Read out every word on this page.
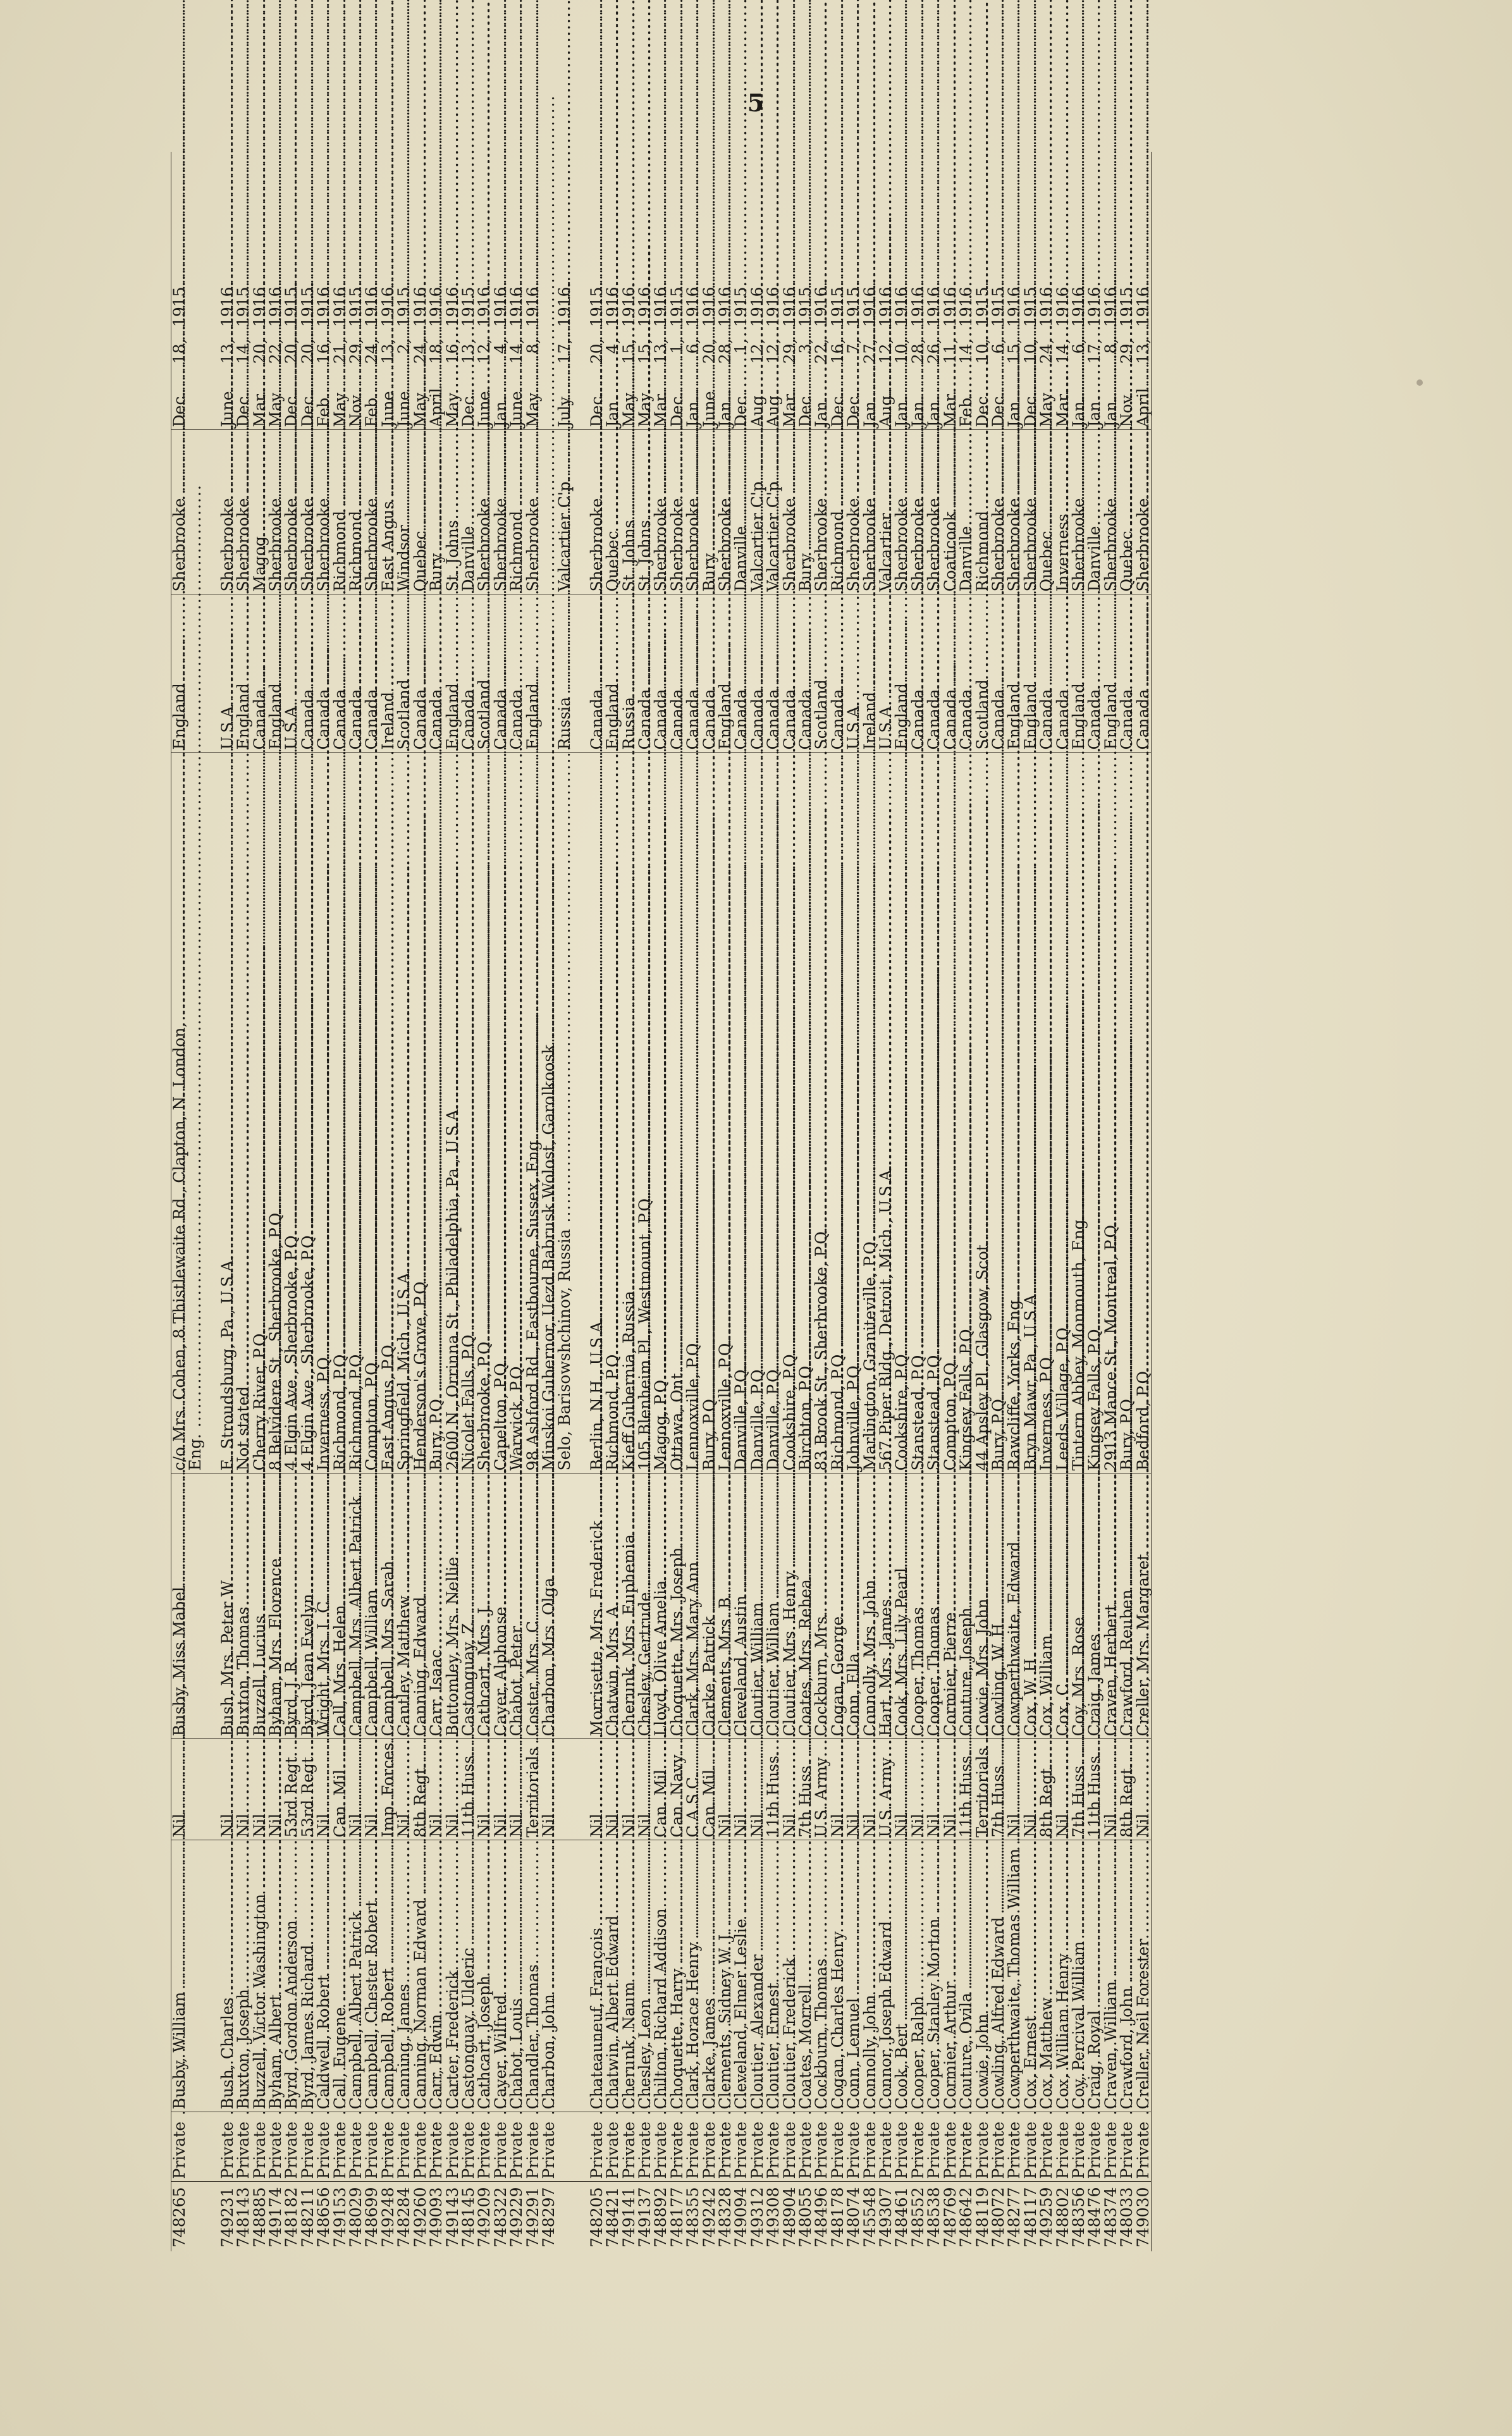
5
748265	Private .....	Busby, William .....	Nil .....	Busby, Miss Mabel .....	c/o Mrs. Cohen, 8 Thistlewaite Rd., Clapton, N. London, .....	England .....	Sherbrooke .....	Dec.
18,
1915.

					Eng. .....			

749231	Private .....	Bush, Charles .....	Nil .....	Bush, Mrs. Peter W .....	E. Stroudsburg, Pa., U.S.A. .....	U.S.A. .....	Sherbrooke .....	June
13,
1916.

748143	Private .....	Buxton, Joseph .....	Nil .....	Buxton, Thomas .....	Not stated .....	England .....	Sherbrooke .....	Dec.
14,
1915.

748885	Private .....	Buzzell, Victor Washington .....	Nil .....	Buzzell, Lucius .....	Cherry River, P.Q. .....	Canada .....	Magog .....	Mar.
20,
1916.

749174	Private .....	Byham, Albert .....	Nil .....	Byham, Mrs. Florence .....	8 Belvidere St., Sherbrooke, P.Q. .....	England .....	Sherbrooke .....	May
22,
1916.

748182	Private .....	Byrd, Gordon Anderson .....	53rd Regt. .....	Byrd, J. R. .....	4 Elgin Ave., Sherbrooke, P.Q. .....	U.S.A. .....	Sherbrooke .....	Dec.
20,
1915.

748211	Private .....	Byrd, James Richard .....	53rd Regt. .....	Byrd, Jean Evelyn .....	4 Elgin Ave., Sherbrooke, P.Q. .....	Canada .....	Sherbrooke .....	Dec.
20,
1915.

748656	Private .....	Caldwell, Robert .....	Nil .....	Wright, Mrs. I. C. .....	Inverness, P.Q. .....	Canada .....	Sherbrooke .....	Feb.
16,
1916.

749153	Private .....	Call, Eugene .....	Can. Mil. .....	Call, Mrs. Helen .....	Richmond, P.Q. .....	Canada .....	Richmond .....	May
21,
1916.

748029	Private .....	Campbell, Albert Patrick .....	Nil .....	Campbell, Mrs. Albert Patrick .....	Richmond, P.Q. .....	Canada .....	Richmond .....	Nov.
29,
1915.

748699	Private .....	Campbell, Chester Robert .....	Nil .....	Campbell, William .....	Compton, P.Q. .....	Canada .....	Sherbrooke .....	Feb.
24,
1916.

749248	Private .....	Campbell, Robert .....	Imp. Forces .....	Campbell, Mrs. Sarah .....	East Angus, P.Q. .....	Ireland .....	East Angus .....	June
13,
1916.

748284	Private .....	Canning, James .....	Nil .....	Cantley, Matthew .....	Springfield, Mich., U.S.A. .....	Scotland .....	Windsor .....	June
2,
1915.

749260	Private .....	Canning, Norman Edward .....	8th Regt. .....	Canning, Edward .....	Henderson's Grove, P.Q. .....	Canada .....	Quebec .....	May
24,
1916.

749093	Private .....	Carr, Edwin .....	Nil .....	Carr, Isaac .....	Bury, P.Q. .....	Canada .....	Bury .....	April
18,
1916.

749143	Private .....	Carter, Frederick .....	Nil .....	Bottomley, Mrs. Nellie .....	2600 N., Orrinna St., Philadelphia, Pa., U.S.A. .....	England .....	St. Johns .....	May
16,
1916.

748145	Private .....	Castonguay, Ulderic .....	11th Huss. .....	Castonguay, Z. .....	Nicolet Falls, P.Q. .....	Canada .....	Danville .....	Dec.
13,
1915.

749209	Private .....	Cathcart, Joseph .....	Nil .....	Cathcart, Mrs. J. .....	Sherbrooke, P.Q. .....	Scotland .....	Sherbrooke .....	June
12,
1916.

748322	Private .....	Cayer, Wilfred .....	Nil .....	Cayer, Alphonse .....	Capelton, P.Q. .....	Canada .....	Sherbrooke .....	Jan.
4,
1916.

749229	Private .....	Chabot, Louis .....	Nil .....	Chabot, Peter .....	Warwick, P.Q. .....	Canada .....	Richmond .....	June
14,
1916.

749291	Private .....	Chandler, Thomas .....	Territorials .....	Coster, Mrs. C. .....	98 Ashford Rd., Eastbourne, Sussex, Eng. .....	England .....	Sherbrooke .....	May
8,
1916.

748297	Private .....	Charbon, John .....	Nil .....	Charbon, Mrs. Olga .....	Minskoi Gubernor, Uezd Babrusk Wolost, Garolkoosk .....			

					Selo, Barisowshchinov, Russia .....	Russia .....	Valcartier C'p. .....	July
17,
1916.

748205	Private .....	Chateauneuf, François .....	Nil .....	Morrisette, Mrs. Frederick .....	Berlin, N.H., U.S.A. .....	Canada .....	Sherbrooke .....	Dec.
20,
1915.

748421	Private .....	Chatwin, Albert Edward .....	Nil .....	Chatwin, Mrs. A. .....	Richmond, P.Q. .....	England .....	Quebec .....	Jan.
4,
1916.

749141	Private .....	Cherunk, Naum .....	Nil .....	Cherunk, Mrs. Euphemia .....	Kieff Gubernia, Russia .....	Russia .....	St. Johns .....	May
15,
1916.

749137	Private .....	Chesley, Leon .....	Nil .....	Chesley, Gertrude .....	105 Blenheim Pl., Westmount, P.Q. .....	Canada .....	St. Johns .....	May
15,
1916.

748892	Private .....	Chilton, Richard Addison .....	Can. Mil. .....	Lloyd, Olive Amelia .....	Magog, P.Q. .....	Canada .....	Sherbrooke .....	Mar.
13,
1916.

748177	Private .....	Choquette, Harry .....	Can. Navy .....	Choquette, Mrs. Joseph .....	Ottawa, Ont. .....	Canada .....	Sherbrooke .....	Dec.
1,
1915.

748355	Private .....	Clark, Horace Henry .....	C.A.S.C. .....	Clark, Mrs. Mary Ann .....	Lennoxville, P.Q. .....	Canada .....	Sherbrooke .....	Jan.
6,
1916.

749242	Private .....	Clarke, James .....	Can. Mil. .....	Clarke, Patrick .....	Bury, P.Q. .....	Canada .....	Bury .....	June
20,
1916.

748328	Private .....	Clements, Sidney W. J. .....	Nil .....	Clements, Mrs. B. .....	Lennoxville, P.Q. .....	England .....	Sherbrooke .....	Jan.
28,
1916.

749094	Private .....	Cleveland, Elmer Leslie .....	Nil .....	Cleveland, Austin .....	Danville, P.Q. .....	Canada .....	Danville .....	Dec.
1,
1915.

749312	Private .....	Cloutier, Alexander .....	Nil .....	Cloutier, William .....	Danville, P.Q. .....	Canada .....	Valcartier C'p. .....	Aug.
12,
1916.

749308	Private .....	Cloutier, Ernest .....	11th Huss. .....	Cloutier, William .....	Danville, P.Q. .....	Canada .....	Valcartier C'p. .....	Aug.
12,
1916.

748904	Private .....	Cloutier, Frederick .....	Nil .....	Cloutier, Mrs. Henry .....	Cookshire, P.Q. .....	Canada .....	Sherbrooke .....	Mar.
29,
1916.

748055	Private .....	Coates, Morrell .....	7th Huss. .....	Coates, Mrs. Rehea .....	Birchton, P.Q. .....	Canada .....	Bury .....	Dec.
3,
1915.

748496	Private .....	Cockburn, Thomas .....	U.S. Army .....	Cockburn, Mrs. .....	83 Brook St., Sherbrooke, P.Q. .....	Scotland .....	Sherbrooke .....	Jan.
22,
1916.

748178	Private .....	Cogan, Charles Henry .....	Nil .....	Cogan, George .....	Richmond, P.Q. .....	Canada .....	Richmond .....	Dec.
16,
1915.

748074	Private .....	Conn, Lemuel .....	Nil .....	Conn, Ella .....	Johnville, P.Q. .....	U.S.A. .....	Sherbrooke .....	Dec.
7,
1915.

745548	Private .....	Connolly, John .....	Nil .....	Connolly, Mrs. John .....	Marlington, Graniteville, P.Q. .....	Ireland .....	Sherbrooke .....	Jan.
27,
1916.

749307	Private .....	Connor, Joseph Edward .....	U.S. Army .....	Hart, Mrs. James .....	567 Piper Bldg., Detroit, Mich., U.S.A. .....	U.S.A. .....	Valcartier .....	Aug.
12,
1916.

748461	Private .....	Cook, Bert .....	Nil .....	Cook, Mrs. Lily Pearl .....	Cookshire, P.Q. .....	England .....	Sherbrooke .....	Jan.
10,
1916.

748552	Private .....	Cooper, Ralph .....	Nil .....	Cooper, Thomas .....	Stanstead, P.Q. .....	Canada .....	Sherbrooke .....	Jan.
28,
1916.

748538	Private .....	Cooper, Stanley Morton .....	Nil .....	Cooper, Thomas .....	Stanstead, P.Q. .....	Canada .....	Sherbrooke .....	Jan.
26,
1916.

748769	Private .....	Cormier, Arthur .....	Nil .....	Cormier, Pierre .....	Compton, P.Q. .....	Canada .....	Coaticook .....	Mar.
11,
1916.

748642	Private .....	Couture, Ovila .....	11th Huss. .....	Couture, Joseph .....	Kingsey Falls, P.Q. .....	Canada .....	Danville .....	Feb.
14,
1916.

748119	Private .....	Cowie, John .....	Territorials .....	Cowie, Mrs. John .....	44 Apsley Pl., Glasgow, Scot. .....	Scotland .....	Richmond .....	Dec.
10,
1915.

748072	Private .....	Cowling, Alfred Edward .....	7th Huss. .....	Cowling, W. H. .....	Bury, P.Q. .....	Canada .....	Sherbrooke .....	Dec.
6,
1915.

748277	Private .....	Cowperthwaite, Thomas William .....	Nil .....	Cowperthwaite, Edward .....	Rawcliffe, Yorks, Eng. .....	England .....	Sherbrooke .....	Jan.
15,
1916.

748117	Private .....	Cox, Ernest .....	Nil .....	Cox, W. H. .....	Bryn Mawr, Pa., U.S.A. .....	England .....	Sherbrooke .....	Dec.
10,
1915.

749259	Private .....	Cox, Matthew .....	8th Regt. .....	Cox, William .....	Inverness, P.Q. .....	Canada .....	Quebec .....	May
24,
1916.

748802	Private .....	Cox, William Henry .....	Nil .....	Cox, C. .....	Leeds Village, P.Q. .....	Canada .....	Inverness .....	Mar.
14,
1916.

748356	Private .....	Coy, Percival William .....	7th Huss. .....	Coy, Mrs. Rose .....	Tintern Abbey, Monmouth, Eng. .....	England .....	Sherbrooke .....	Jan.
6,
1916.

748476	Private .....	Craig, Royal .....	11th Huss. .....	Craig, James .....	Kingsey Falls, P.Q. .....	Canada .....	Danville .....	Jan.
17,
1916.

748374	Private .....	Craven, William .....	Nil .....	Craven, Herbert .....	2913 Mance St., Montreal, P.Q. .....	England .....	Sherbrooke .....	Jan.
8,
1916.

748033	Private .....	Crawford, John .....	8th Regt. .....	Crawford, Reuben .....	Bury, P.Q. .....	Canada .....	Quebec .....	Nov.
29,
1915.

749030	Private .....	Creller, Neil Forester .....	Nil .....	Creller, Mrs. Margaret .....	Bedford, P.Q. .....	Canada .....	Sherbrooke .....	April
13,
1916.
